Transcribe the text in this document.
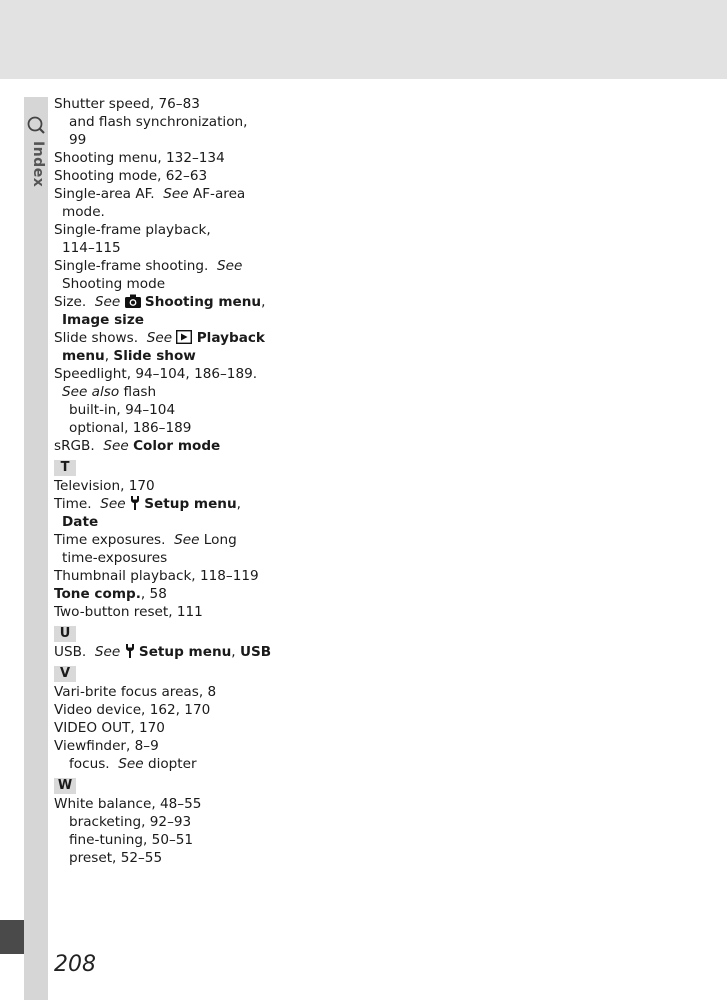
Index
Shutter speed, 76–83
and flash synchronization,
99
Shooting menu, 132–134
Shooting mode, 62–63
Single-area AF. See AF-area
mode.
Single-frame playback,
114–115
Single-frame shooting. See
Shooting mode
Size. See Shooting menu,
Image size
Slide shows. See Playback
menu, Slide show
Speedlight, 94–104, 186–189.
See also flash
built-in, 94–104
optional, 186–189
sRGB. See Color mode
T
Television, 170
Time. See Setup menu,
Date
Time exposures. See Long
time-exposures
Thumbnail playback, 118–119
Tone comp., 58
Two-button reset, 111
U
USB. See Setup menu, USB
V
Vari-brite focus areas, 8
Video device, 162, 170
VIDEO OUT, 170
Viewfinder, 8–9
focus. See diopter
W
White balance, 48–55
bracketing, 92–93
fine-tuning, 50–51
preset, 52–55
208
